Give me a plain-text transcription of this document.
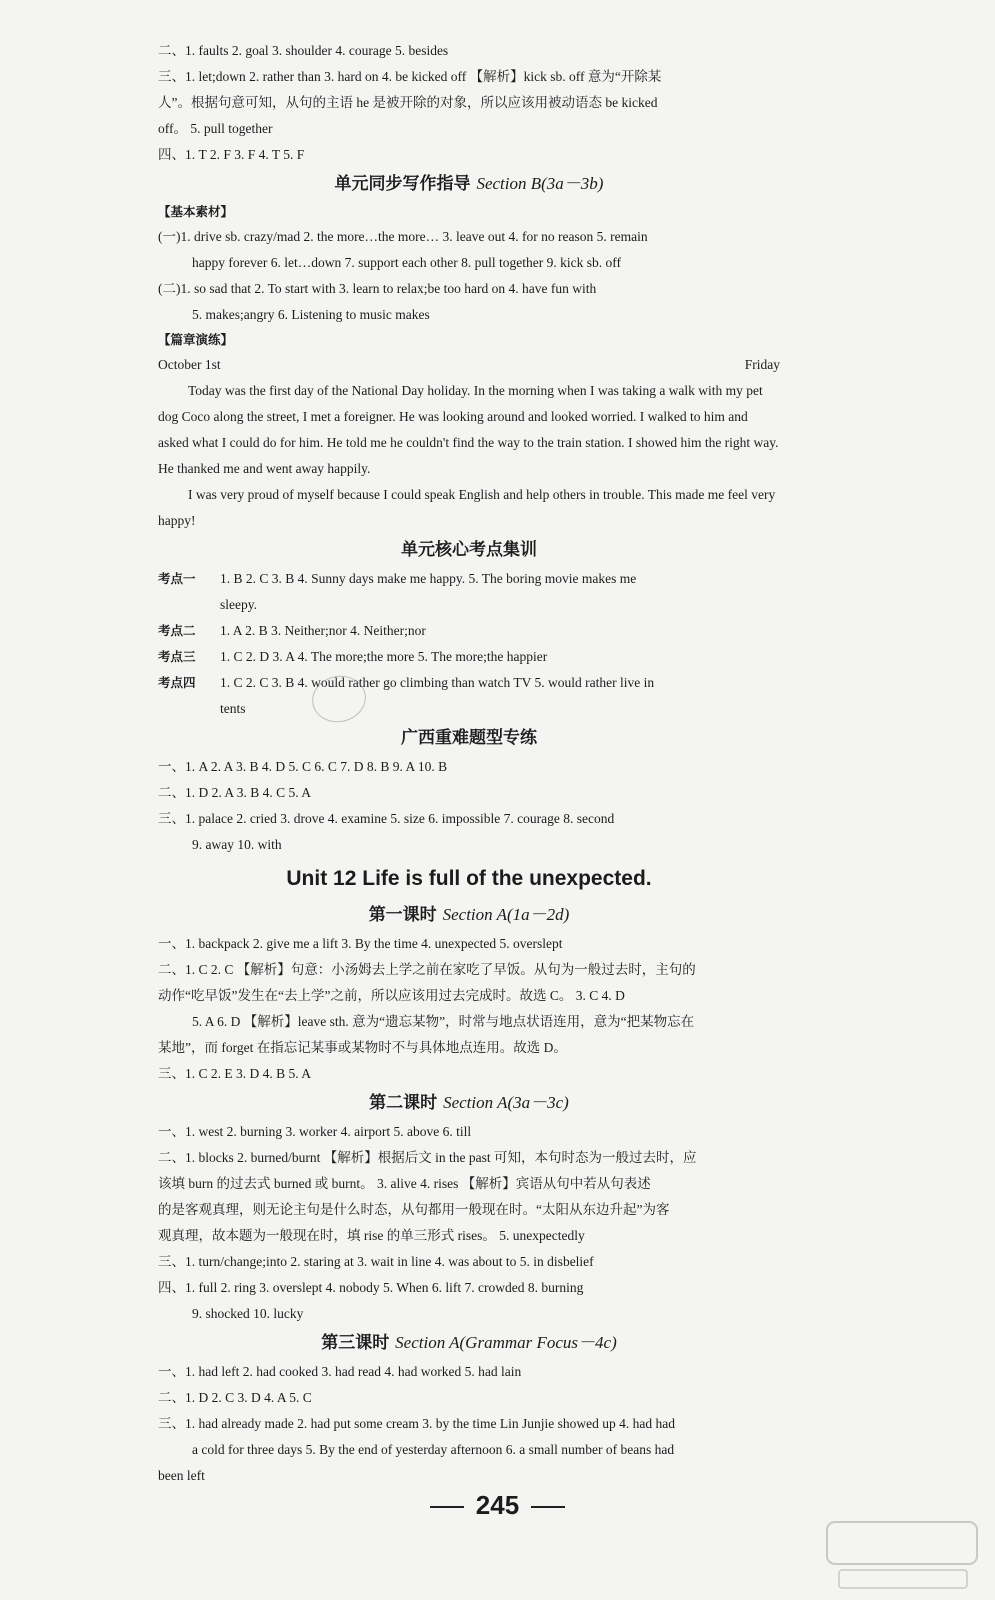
二、1. faults 2. goal 3. shoulder 4. courage 5. besides
三、1. let;down 2. rather than 3. hard on 4. be kicked off 【解析】kick sb. off 意为“开除某
人”。根据句意可知，从句的主语 he 是被开除的对象，所以应该用被动语态 be kicked
off。 5. pull together
四、1. T 2. F 3. F 4. T 5. F
单元同步写作指导 Section B(3a－3b)
【基本素材】
(一)1. drive sb. crazy/mad 2. the more…the more… 3. leave out 4. for no reason 5. remain
happy forever 6. let…down 7. support each other 8. pull together 9. kick sb. off
(二)1. so sad that 2. To start with 3. learn to relax;be too hard on 4. have fun with
5. makes;angry 6. Listening to music makes
【篇章演练】
October 1st	Friday
Today was the first day of the National Day holiday. In the morning when I was taking a walk with my pet dog Coco along the street, I met a foreigner. He was looking around and looked worried. I walked to him and asked what I could do for him. He told me he couldn't find the way to the train station. I showed him the right way. He thanked me and went away happily.
I was very proud of myself because I could speak English and help others in trouble. This made me feel very happy!
单元核心考点集训
考点一 1. B 2. C 3. B 4. Sunny days make me happy. 5. The boring movie makes me
sleepy.
考点二 1. A 2. B 3. Neither;nor 4. Neither;nor
考点三 1. C 2. D 3. A 4. The more;the more 5. The more;the happier
考点四 1. C 2. C 3. B 4. would rather go climbing than watch TV 5. would rather live in
tents
广西重难题型专练
一、1. A 2. A 3. B 4. D 5. C 6. C 7. D 8. B 9. A 10. B
二、1. D 2. A 3. B 4. C 5. A
三、1. palace 2. cried 3. drove 4. examine 5. size 6. impossible 7. courage 8. second
9. away 10. with
Unit 12 Life is full of the unexpected.
第一课时 Section A(1a－2d)
一、1. backpack 2. give me a lift 3. By the time 4. unexpected 5. overslept
二、1. C 2. C 【解析】句意：小汤姆去上学之前在家吃了早饭。从句为一般过去时，主句的
动作“吃早饭”发生在“去上学”之前，所以应该用过去完成时。故选 C。 3. C 4. D
5. A 6. D 【解析】leave sth. 意为“遗忘某物”，时常与地点状语连用，意为“把某物忘在
某地”，而 forget 在指忘记某事或某物时不与具体地点连用。故选 D。
三、1. C 2. E 3. D 4. B 5. A
第二课时 Section A(3a－3c)
一、1. west 2. burning 3. worker 4. airport 5. above 6. till
二、1. blocks 2. burned/burnt 【解析】根据后文 in the past 可知，本句时态为一般过去时，应
该填 burn 的过去式 burned 或 burnt。 3. alive 4. rises 【解析】宾语从句中若从句表述
的是客观真理，则无论主句是什么时态，从句都用一般现在时。“太阳从东边升起”为客
观真理，故本题为一般现在时，填 rise 的单三形式 rises。 5. unexpectedly
三、1. turn/change;into 2. staring at 3. wait in line 4. was about to 5. in disbelief
四、1. full 2. ring 3. overslept 4. nobody 5. When 6. lift 7. crowded 8. burning
9. shocked 10. lucky
第三课时 Section A(Grammar Focus－4c)
一、1. had left 2. had cooked 3. had read 4. had worked 5. had lain
二、1. D 2. C 3. D 4. A 5. C
三、1. had already made 2. had put some cream 3. by the time Lin Junjie showed up 4. had had
a cold for three days 5. By the end of yesterday afternoon 6. a small number of beans had
been left
245
